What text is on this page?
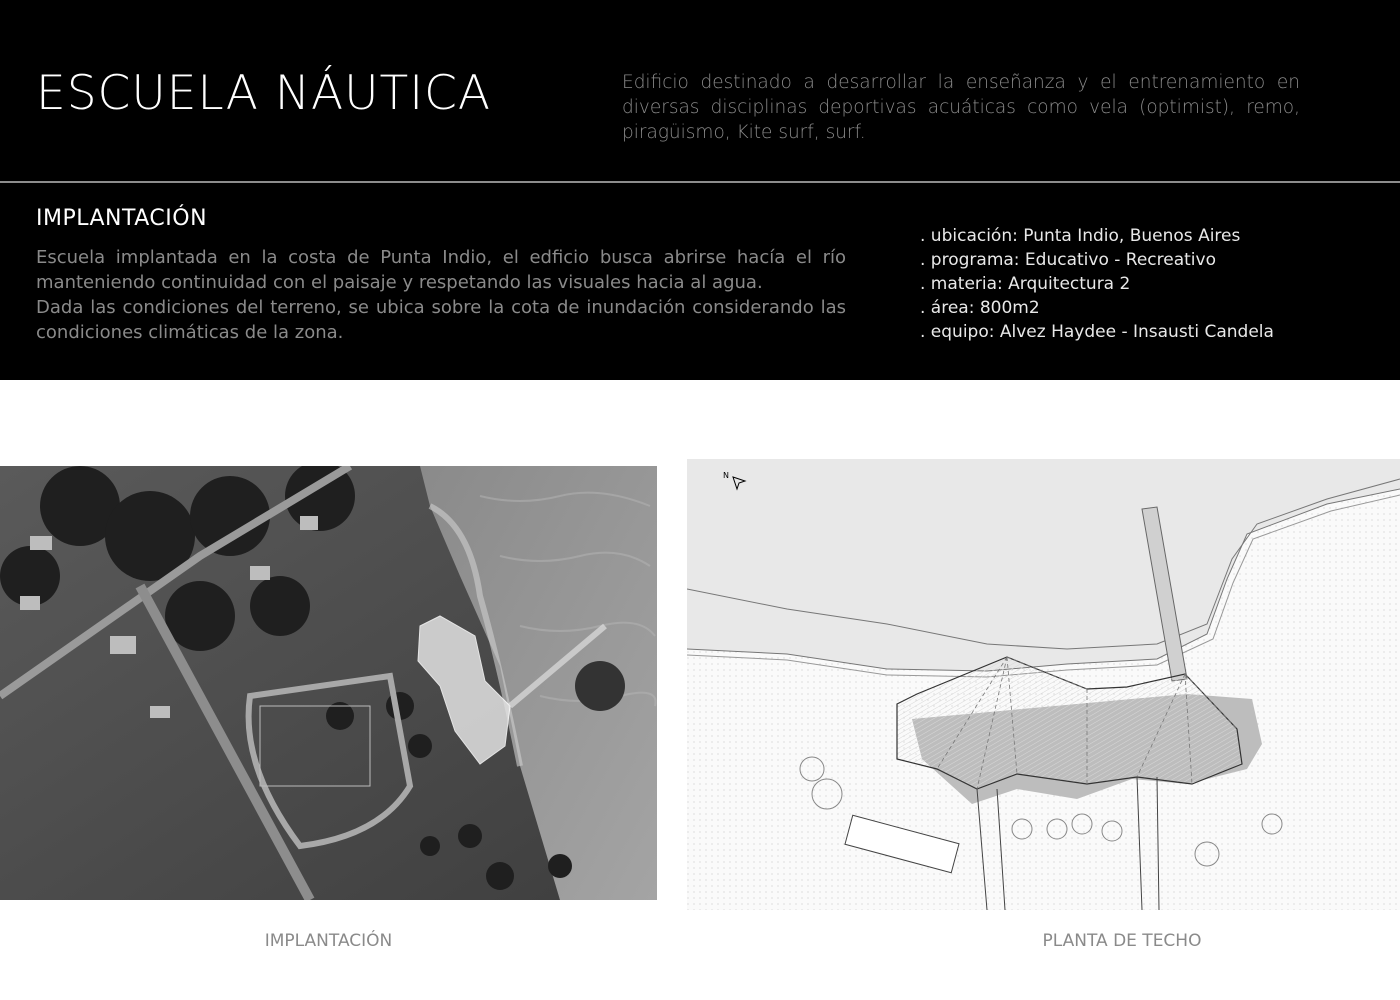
ESCUELA NÁUTICA	Edificio destinado a desarrollar la enseñanza y el entrenamiento en diversas disciplinas deportivas acuáticas como vela (optimist), remo, piragüismo, Kite surf, surf.
IMPLANTACIÓN

Escuela implantada en la costa de Punta Indio, el edficio busca abrirse hacía el río manteniendo continuidad con el paisaje y respetando las visuales hacia al agua.

Dada las condiciones del terreno, se ubica sobre la cota de inundación considerando las condiciones climáticas de la zona.

. ubicación: Punta Indio, Buenos Aires
. programa: Educativo - Recreativo
. materia: Arquitectura 2
. área: 800m2
. equipo: Alvez Haydee - Insausti Candela
N
IMPLANTACIÓN	PLANTA DE TECHO
